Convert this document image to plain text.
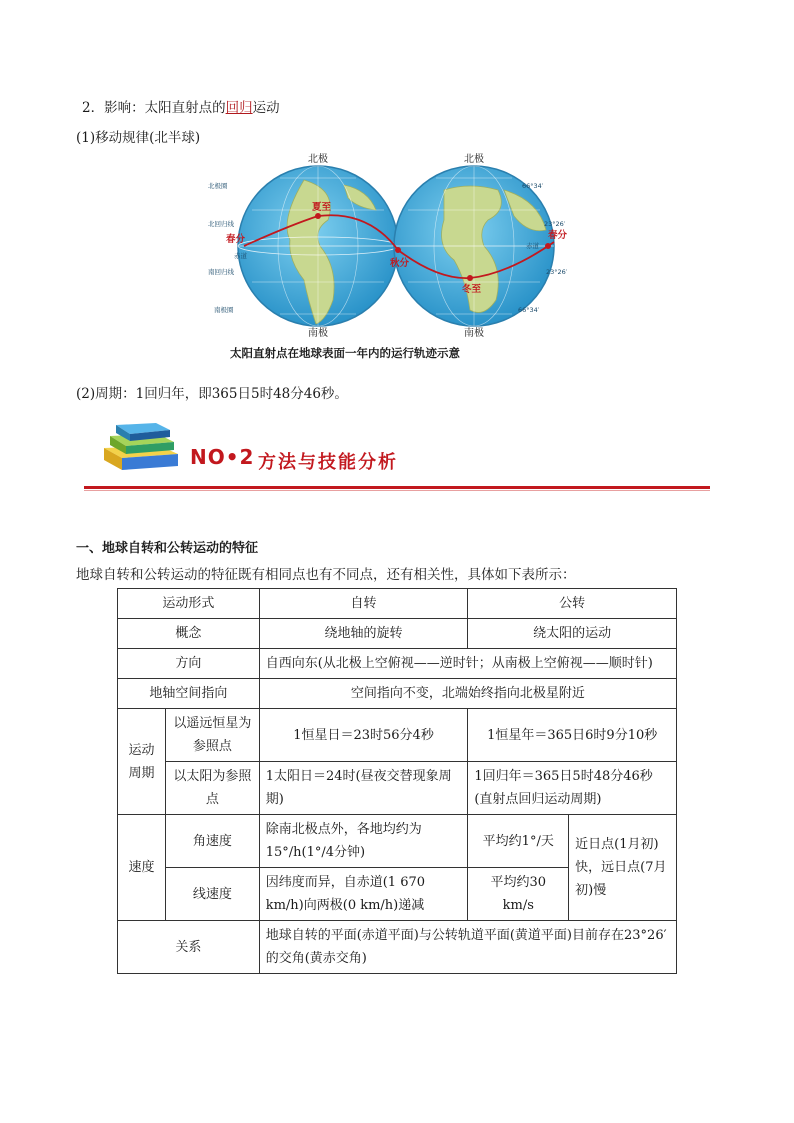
2．影响：太阳直射点的回归运动
(1)移动规律(北半球)
北极	北极
南极	南极
北极圈
北回归线
赤道
南回归线
南极圈
66°34′
23°26′
23°26′
66°34′
赤道
春分
夏至
秋分
冬至
春分
太阳直射点在地球表面一年内的运行轨迹示意
(2)周期：1回归年，即365日5时48分46秒。
NO•2 方法与技能分析
一、地球自转和公转运动的特征
地球自转和公转运动的特征既有相同点也有不同点，还有相关性，具体如下表所示：
运动形式		自转	公转	
概念		绕地轴的旋转	绕太阳的运动	
方向		自西向东(从北极上空俯视——逆时针；从南极上空俯视——顺时针)		
地轴空间指向		空间指向不变，北端始终指向北极星附近		
运动周期	以遥远恒星为参照点	1恒星日＝23时56分4秒	1恒星年＝365日6时9分10秒	
	以太阳为参照点	1太阳日＝24时(昼夜交替现象周期)	1回归年＝365日5时48分46秒(直射点回归运动周期)	
速度	角速度	除南北极点外，各地均约为15°/h(1°/4分钟)	平均约1°/天	近日点(1月初)快，远日点(7月初)慢
	线速度	因纬度而异，自赤道(1 670 km/h)向两极(0 km/h)递减	平均约30 km/s	
关系		地球自转的平面(赤道平面)与公转轨道平面(黄道平面)目前存在23°26′的交角(黄赤交角)		
